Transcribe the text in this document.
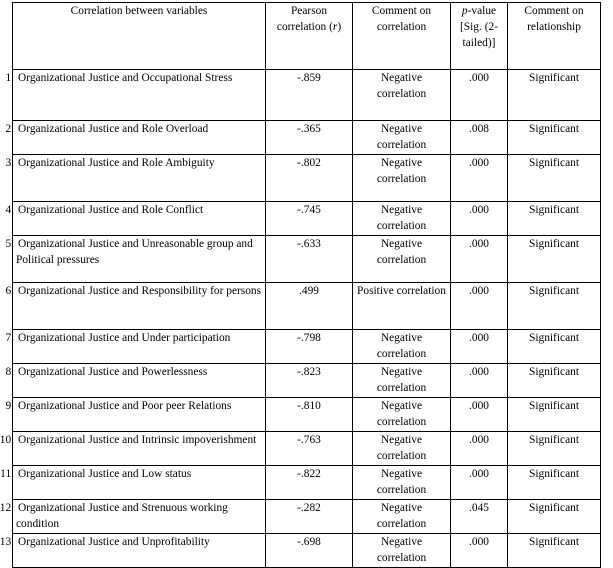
Correlation between variables	Pearson correlation (r)	Comment on correlation	p-value [Sig. (2-tailed)]	Comment on relationship
1. Organizational Justice and Occupational Stress	-.859	Negative correlation	.000	Significant
2. Organizational Justice and Role Overload	-.365	Negative correlation	.008	Significant
3. Organizational Justice and Role Ambiguity	-.802	Negative correlation	.000	Significant
4. Organizational Justice and Role Conflict	-.745	Negative correlation	.000	Significant
5. Organizational Justice and Unreasonable group and Political pressures	-.633	Negative correlation	.000	Significant
6. Organizational Justice and Responsibility for persons	.499	Positive correlation	.000	Significant
7. Organizational Justice and Under participation	-.798	Negative correlation	.000	Significant
8. Organizational Justice and Powerlessness	-.823	Negative correlation	.000	Significant
9. Organizational Justice and Poor peer Relations	-.810	Negative correlation	.000	Significant
10. Organizational Justice and Intrinsic impoverishment	-.763	Negative correlation	.000	Significant
11. Organizational Justice and Low status	-.822	Negative correlation	.000	Significant
12. Organizational Justice and Strenuous working condition	-.282	Negative correlation	.045	Significant
13. Organizational Justice and Unprofitability	-.698	Negative correlation	.000	Significant
